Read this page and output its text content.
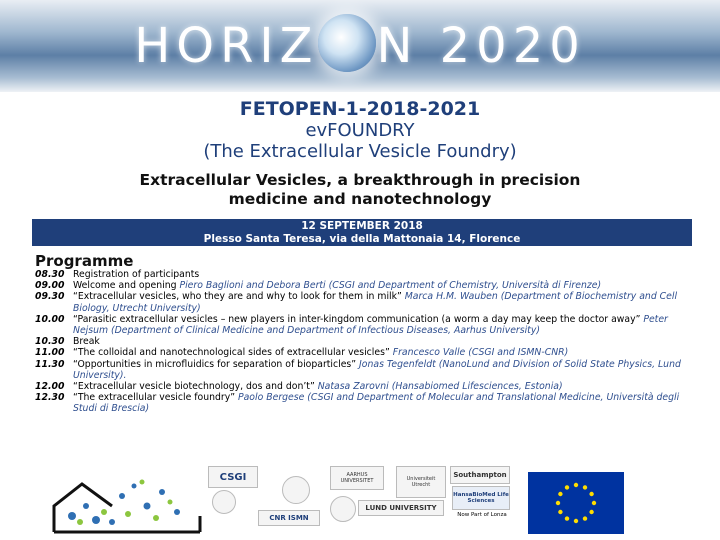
HORIZ N 2020
FETOPEN-1-2018-2021
evFOUNDRY
(The Extracellular Vesicle Foundry)
Extracellular Vesicles, a breakthrough in precision
medicine and nanotechnology
12 SEPTEMBER 2018
Plesso Santa Teresa, via della Mattonaia 14, Florence
Programme
08.30 Registration of participants
09.00 Welcome and opening Piero Baglioni and Debora Berti (CSGI and Department of Chemistry, Università di Firenze)
09.30 “Extracellular vesicles, who they are and why to look for them in milk” Marca H.M. Wauben (Department of Biochemistry and Cell Biology, Utrecht University)
10.00 “Parasitic extracellular vesicles – new players in inter-kingdom communication (a worm a day may keep the doctor away” Peter Nejsum (Department of Clinical Medicine and Department of Infectious Diseases, Aarhus University)
10.30 Break
11.00 “The colloidal and nanotechnological sides of extracellular vesicles” Francesco Valle (CSGI and ISMN-CNR)
11.30 “Opportunities in microfluidics for separation of bioparticles” Jonas Tegenfeldt (NanoLund and Division of Solid State Physics, Lund University).
12.00 “Extracellular vesicle biotechnology, dos and don’t” Natasa Zarovni (Hansabiomed Lifesciences, Estonia)
12.30 “The extracellular vesicle foundry” Paolo Bergese (CSGI and Department of Molecular and Translational Medicine, Università degli Studi di Brescia)
CSGI
CNR ISMN
AARHUS UNIVERSITET
LUND UNIVERSITY
Universiteit Utrecht
Southampton
HansaBioMed Life Sciences
Now Part of Lonza
